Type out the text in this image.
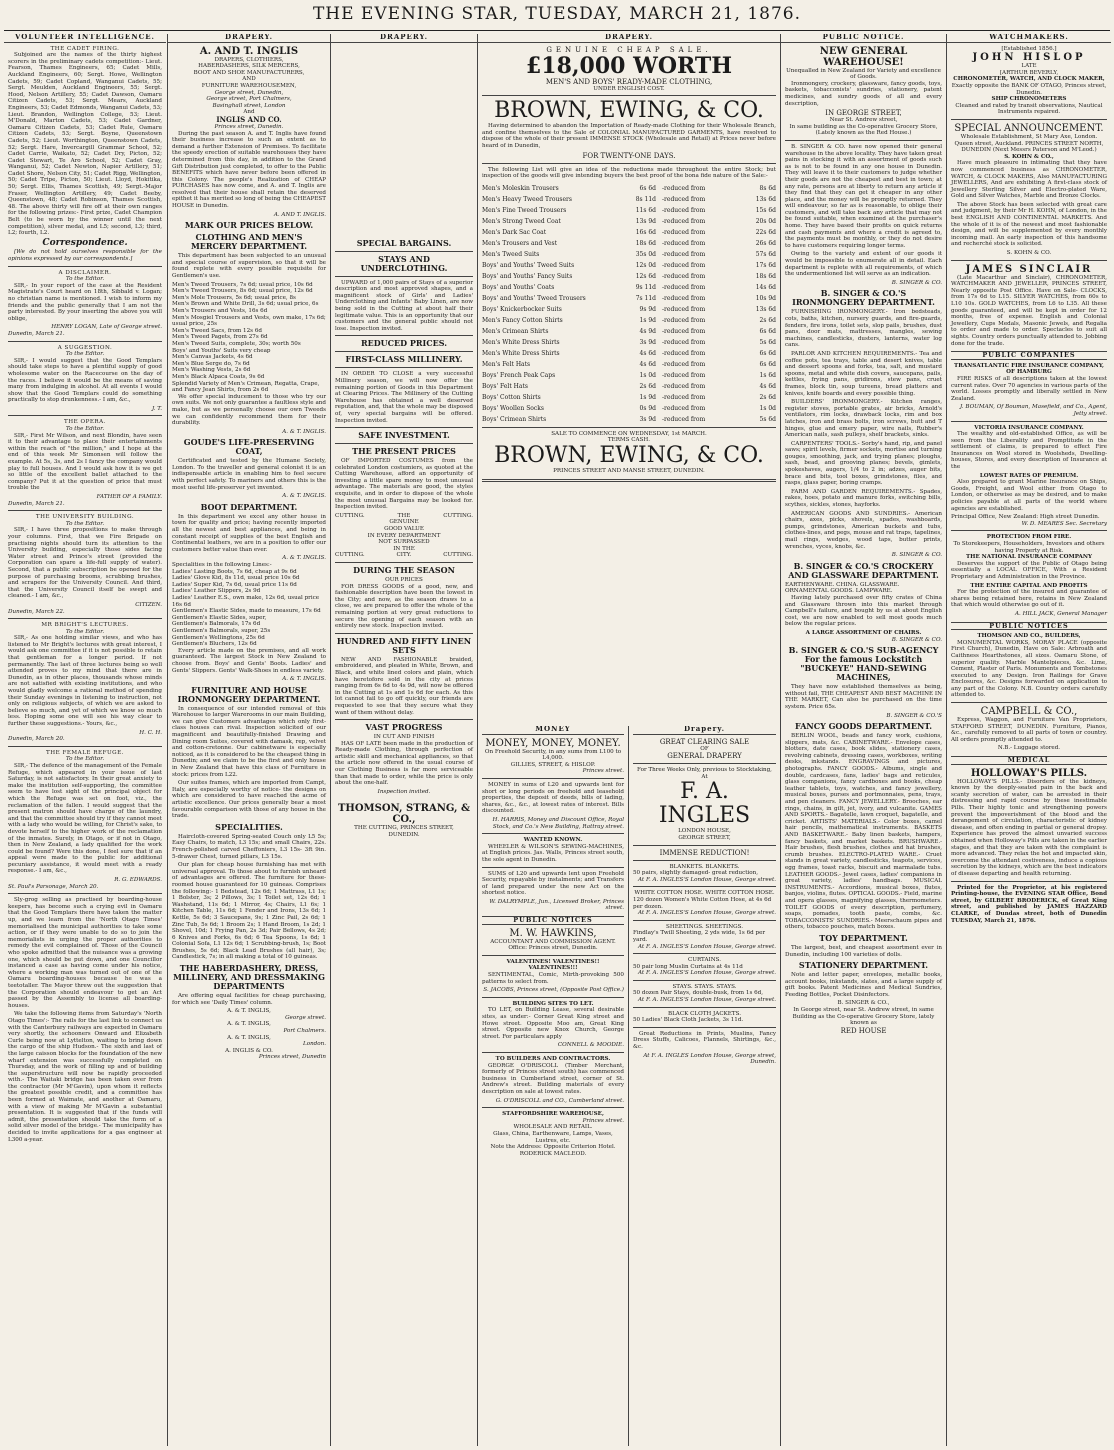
THE EVENING STAR, TUESDAY, MARCH 21, 1876.
VOLUNTEER INTELLIGENCE.
THE CADET FIRING.

Subjoined are the names of the thirty highest scorers in the preliminary cadets competition:- Lieut. Fearson, Thames Engineers, 65; Cadet Mills, Auckland Engineers, 60; Sergt. Howe, Wellington Cadets, 59; Cadet Copland, Wanganui Cadets, 55; Sergt. Meulden, Auckland Engineers, 55; Sergt. Hood, Nelson Artillery, 55; Cadet Dawson, Oamaru Citizen Cadets, 53; Sergt. Mears, Auckland Engineers, 53; Cadet Edmonds, Wanganui Cadets, 53; Lieut. Brandon, Wellington College, 53; Lieut. M'Donald, Marton Cadets, 53; Cadet Gardner, Oamaru Citizen Cadets, 53; Cadet Rule, Oamaru Citizen Cadets, 53; Sergt. Boyne, Queenstown Cadets, 52; Lieut. Worthington, Queenstown Cadets, 52; Sergt. Hare, Invercargill Grammar School, 52; Cadet Carrie, Waikato, 52; Cadet Dry, Picton, 52; Cadet Stewart, Te Aro School, 52; Cadet Gray, Wanganui, 52; Cadet Newton, Napier Artillery, 51; Cadet Shore, Nelson City, 51; Cadet Rigg, Wellington, 50; Cadet Tripe, Picton, 50; Lieut. Lloyd, Hokitika, 50; Sergt. Ellis, Thames Scottish, 49; Sergt.-Major Fraser, Wellington Artillery, 49; Cadet Beeby, Queenstown, 48; Cadet Robinson, Thames Scottish, 48. The above thirty will fire off at their own ranges for the following prizes:- First prize, Cadet Champion Belt (to be worn by the winner until the next competition), silver medal, and L5; second, L3; third, L2; fourth, L2.

Correspondence.

[We do not hold ourselves responsible for the opinions expressed by our correspondents.]

A DISCLAIMER.
To the Editor.

SIR,- In your report of the case at the Resident Magistrate's Court heard on 18th, Sibbald v. Logan; no christian name is mentioned. I wish to inform my friends and the public generally that I am not the party interested. By your inserting the above you will oblige,

HENRY LOGAN, Late of George street.
Dunedin, March 21.
A SUGGESTION.
To the Editor.

SIR,- I would suggest that the Good Templars should take steps to have a plentiful supply of good wholesome water on the Racecourse on the day of the races. I believe it would be the means of saving many from indulging in alcohol. At all events I would show that the Good Templars could do something practically to stop drunkenness.- I am, &c.,

J. T.
THE OPERA.
To the Editor.

SIR,- First Mr Wilson, and next Blondin, have seen it to their advantage to place their entertainments within the reach of "the million," and I hope at the end of this week Mr Simonsen will follow the example. At 5s, 3s, and 2s I fancy the company would play to full houses. And I would ask how it is we get so little of the excellent ballet attached to the company? Put it at the question of price that must trouble the

FATHER OF A FAMILY.
Dunedin, March 21.
THE UNIVERSITY BUILDING.
To the Editor.

SIR,- I have three propositions to make through your columns. First, that we Fire Brigade on practising nights should turn its attention to the University building, especially those sides facing Water street and Prince's street (provided the Corporation can spare a life-full supply of water). Second, that a public subscription be opened for the purpose of purchasing brooms, scrubbing brushes, and scrapers for the University Council. And third, that the University Council itself be swept and cleaned.- I am, &c.,

CITIZEN.
Dunedin, March 22.
MR BRIGHT'S LECTURES.
To the Editor.

SIR,- As one holding similar views, and who has listened to Mr Bright's lectures with great interest, I would ask one committee if it is not possible to retain that gentleman for a longer period. If not permanently. The last of three lectures being so well attended proves to my mind that there are in Dunedin, as in other places, thousands whose minds are not satisfied with existing institutions, and who would gladly welcome a rational method of spending their Sunday evenings in listening to instruction, not only on religious subjects, of which we are asked to believe so much, and yet of which we know so much less. Hoping some one will see his way clear to further these suggestions.- Yours, &c.,

H. C. H.
Dunedin, March 20.
THE FEMALE REFUGE.
To the Editor.

SIR,- The defence of the management of the Female Refuge, which appeared in your issue of last Saturday, is not satisfactory. In their great anxiety to make the institution self-supporting, the committee seem to have lost sight of the principal object for which the Refuge was set on foot, viz., the reclamation of the fallen. I would suggest that the present matron should have charge of the laundry, and that the committee should try if they cannot meet with a lady who would be willing, for Christ's sake, to devote herself to the higher work of the reclamation of the inmates. Surely, in Otago, or if not in Otago, then in New Zealand, a lady qualified for the work could be found? Were this done, I feel sure that if an appeal were made to the public for additional pecuniary assistance, it would meet with a ready response.- I am, &c.,

R. G. EDWARDS.
St. Paul's Parsonage, March 20.

Sly-grog selling as practised by boarding-house keepers, has become such a crying evil in Oamaru that the Good Templars there have taken the matter up, and we learn from the 'North Otago Times' memorialised the municipal authorities to take some action, or if they were unable to do so to join the memorialists in urging the proper authorities to remedy the evil complained of. Those of the Council who spoke admitted that the nuisance was a growing one, which should be put down, and one Councillor instanced a case as having come under his notice, where a working man was turned out of one of the Oamaru boarding-houses because he was a teetotaller. The Mayor threw out the suggestion that the Corporation should endeavour to get an Act passed by the Assembly to license all boarding-houses.

We take the following items from Saturday's 'North Otago Times':- The rails for the last link to connect us with the Canterbury railways are expected in Oamaru very shortly, the schooners Onward and Elizabeth Curle being now at Lyttelton, waiting to bring down the cargo of the ship Hudson.- The sixth and last of the large caisson blocks for the foundation of the new wharf extension was successfully completed on Thursday, and the work of filling up and of building the superstructure will now be rapidly proceeded with.- The Waitaki bridge has been taken over from the contractor (Mr M'Gavin), upon whom it reflects the greatest possible credit, and a committee has been formed at Waimate, and another at Oamaru, with a view of making Mr M'Gavin a substantial presentation. It is suggested that if the funds will admit, the presentation should take the form of a solid silver model of the bridge.- The municipality has decided to invite applications for a gas engineer at L300 a-year.

DRAPERY.
A. AND T. INGLIS
DRAPERS, CLOTHIERS,
HABERDASHERS, SILK MERCERS,
BOOT AND SHOE MANUFACTURERS,
AND
FURNITURE WAREHOUSEMEN,
George street, Dunedin,
George street, Port Chalmers,
Basinghall street, London
And
INGLIS AND CO.
Princes street, Dunedin.

During the past season A. and T. Inglis have found their business increase to such an extent as to demand a further Extension of Premises. To facilitate the speedy erection of suitable warehouses they have determined from this day, in addition to the Grand Gift Distribution just completed, to offer to the Public BENEFITS which have never before been offered in this Colony. The people's Realization of CHEAP PURCHASES has now come, and A. and T. Inglis are resolved that their house shall retain the deserved epithet it has merited so long of being the CHEAPEST HOUSE in Dunedin.

A. AND T. INGLIS.
MARK OUR PRICES BELOW.
CLOTHING AND MEN'S MERCERY DEPARTMENT.

This department has been subjected to an unusual and special course of supervision, so that it will be found replete with every possible requisite for Gentlemen's use.

Men's Tweed Trousers, 7s 6d; usual price, 10s 6d
Men's Tweed Trousers, 8s 6d; usual price, 12s 6d
Men's Mole Trousers, 5s 6d; usual price, 8s
Men's Brown and White Drill, 3s 6d; usual price, 6s
Men's Trousers and Vests, 16s 6d
Men's Mosgiel Trousers and Vests, own make, 17s 6d; usual price, 25s
Men's Tweed Sacs, from 12s 6d
Men's Tweed Pagets, from 27s 6d
Men's Tweed Suits, complete, 30s; worth 50s
Boys' and Youths' Suits very cheap
Men's Canvas Jackets, 4s 6d
Men's Blue Serge do, 7s 6d
Men's Washing Vests, 2s 6d
Men's Black Alpaca Coats, 9s 6d
Splendid Variety of Men's Crimean, Regatta, Crape, and Fancy Jean Shirts, from 2s 6d

We offer special inducement to those who try our own suits. We not only guarantee a faultless style and make, but as we personally choose our own Tweeds we can confidently recommend them for their durability.

A. & T. INGLIS.
GOUDE'S LIFE-PRESERVING COAT,

Certificated and tested by the Humane Society, London. To the traveller and general colonist it is an indispensable article in enabling him to feel secure with perfect safety. To mariners and others this is the most useful life-preserver yet invented.

A. & T. INGLIS.
BOOT DEPARTMENT.

In this department we excel any other house in town for quality and price; having recently imported all the newest and best appliances, and being in constant receipt of supplies of the best English and Continental leathers, we are in a position to offer our customers better value than ever.

A. & T. INGLIS.
Specialities in the following Lines:-
Ladies' Lasting Boots, 7s 6d, cheap at 9s 6d
Ladies' Glove Kid, 8s 11d, usual price 10s 6d
Ladies' Super Kid, 7s 6d, usual price 11s 6d
Ladies' Leather Slippers, 2s 9d
Ladies' Leather E.S., own make, 12s 6d, usual price 16s 6d
Gentlemen's Elastic Sides, made to measure, 17s 6d
Gentlemen's Elastic Sides, super,
Gentlemen's Balmorals, 17s 6d
Gentlemen's Balmorals, super, 25s
Gentlemen's Wellingtons, 25s 6d
Gentlemen's Bluchers, 12s 6d

Every article made on the premises, and all work guaranteed. The largest Stock in New Zealand to choose from. Boys' and Gents' Boots. Ladies' and Gents' Slippers. Gents' Walk-Shoes in endless variety.

A. & T. INGLIS.
FURNITURE AND HOUSE IRONMONGERY DEPARTMENT.

In consequence of our intended removal of this Warehouse to larger Warerooms in our main Building, we can give Customers advantages which only first-class houses can rival. Inspection solicited of our magnificent and beautifully-finished Drawing and Dining room Suites, covered with damask, rep, velvet and cotton-cretonne. Our cabinetware is especially noticed, as it is considered to be the cheapest thing in Dunedin; and we claim to be the first and only house in New Zealand that have this class of Furniture in stock: prices from L22.

Our suites frames, which are imported from Campt, Italy, are especially worthy of notice- the designs on which are considered to have reached the acme of artistic excellence. Our prices generally bear a most favourable comparison with those of any house in the trade.

SPECIALITIES.

Haircloth-covered Spring-seated Couch only L5 5s; Easy Chairs, to match, L3 15s; and small Chairs, 22s. French-polished carved Cheffoniers, L3 15s- 3ft 9in. 5-drawer Chest, turned pillars, L3 15s.

Our plan for cheap house furnishing has met with universal approval. To those about to furnish unheard of advantages are offered. The furniture for these-roomed house guaranteed for 10 guineas. Comprises the following:- 1 Bedstead, 12s 6d; 1 Mattrass, L1 1s; 1 Bolster, 3s; 2 Pillows, 3s; 1 Toilet set, 12s 6d; 1 Washstand, 11s 6d; 1 Mirror, 4s; Chairs, L1 6s; 1 Kitchen Table, 11s 6d; 1 Fender and Irons, 13s 6d; 1 Kettle, 5s 6d; 3 Saucepans, 9s; 1 Zinc Pail, 2s 6d; 1 Zinc Tub, 5s 6d; 1 Broom 2s; 1 Hand Broom, 1s 2d; 1 Shovel, 10d; 1 Frying Pan, 2s 3d; Pair Bellows, 4s 2d; 6 Knives and Forks, 6s 6d; 6 Tea Spoons, 1s 6d; 1 Colonial Sofa, L1 12s 6d; 1 Scrubbing-brush, 1s; Boot Brushes, 5s 6d; Black Lead Brushes (all hair), 3s; Candlestick, 7s; in all making a total of 10 guineas.

THE HABERDASHERY, DRESS, MILLINERY, AND DRESSMAKING DEPARTMENTS

Are offering equal facilities for cheap purchasing, for which see 'Daily Times' column.

A. & T. INGLIS,
George street.
A. & T. INGLIS,
Port Chalmers.
A. & T. INGLIS,
London.
A. INGLIS & CO.
Princes street, Dunedin
DRAPERY.
SPECIAL BARGAINS.
STAYS AND UNDERCLOTHING.

UPWARD of 1,000 pairs of Stays of a superior description and most approved shapes, and a magnificent stock of Girls' and Ladies' Underclothing and Infants' Baby Linen, are now being sold in the Cutting at about half their legitimate value. This is an opportunity that our customers and the general public should not lose. Inspection invited.

REDUCED PRICES.
FIRST-CLASS MILLINERY.

IN ORDER TO CLOSE a very successful Millinery season, we will now offer the remaining portion of Goods in this Department at Clearing Prices. The Millinery of the Cutting Warehouse has obtained a well deserved reputation, and, that the whole may be disposed of, very special bargains will be offered. Inspection invited.

SAFE INVESTMENT.
THE PRESENT PRICES

OF IMPORTED COSTUMES from the celebrated London costumiers, as quoted at the Cutting Warehouse, afford an opportunity of investing a little spare money to most unusual advantage. The materials are good, the styles exquisite, and in order to dispose of the whole the most unusual Bargains may be looked for. Inspection invited.

CUTTING.	THE	CUTTING.
GENUINE
GOOD VALUE
IN EVERY DEPARTMENT
NOT SURPASSED
IN THE
CUTTING.	CITY.	CUTTING.
DURING THE SEASON
OUR PRICES

FOR DRESS GOODS of a good, new, and fashionable description have been the lowest in the City; and now, as the season draws to a close, we are prepared to offer the whole of the remaining portion at very great reductions to secure the opening of each season with an entirely new stock. Inspection invited.

HUNDRED AND FIFTY LINEN SETS

NEW AND FASHIONABLE braided, embroidered, and pleated in White, Brown, and Black, and white lined colors and plain, which have heretofore sold in the city at prices ranging from 6s 6d to 4s 9d, will now be offered in the Cutting at 1s and 1s 6d for each. As this lot cannot fail to go off quickly, our friends are requested to see that they secure what they want of them without delay.

VAST PROGRESS
IN CUT AND FINISH

HAS OF LATE been made in the production of Ready-made Clothing, through perfection of artistic skill and mechanical appliances, so that the article now offered in the usual course of our Clothing Business is far more serviceable than that made to order, while the price is only about the one-half.

Inspection invited.
THOMSON, STRANG, & CO.,
THE CUTTING, PRINCES STREET,
DUNEDIN.
DRAPERY.
GENUINE CHEAP SALE.
£18,000 WORTH
MEN'S AND BOYS' READY-MADE CLOTHING,
UNDER ENGLISH COST.
BROWN, EWING, & CO.

Having determined to abandon the Importation of Ready-made Clothing for their Wholesale Branch, and confine themselves to the Sale of COLONIAL MANUFACTURED GARMENTS, have resolved to dispose of the whole of their present IMMENSE STOCK (Wholesale and Retail) at Prices never before heard of in Dunedin,

FOR TWENTY-ONE DAYS.

The following List will give an idea of the reductions made throughout the entire Stock; but inspection of the goods will give intending buyers the best proof of the bona fide nature of the Sale:-

Men's Moleskin Trousers	6s 6d	-reduced from	8s 6d
Men's Heavy Tweed Trousers	8s 11d	-reduced from	13s 6d
Men's Fine Tweed Trousers	11s 6d	-reduced from	15s 6d
Men's Strong Tweed Coat	13s 9d	-reduced from	20s 0d
Men's Dark Sac Coat	16s 6d	-reduced from	22s 6d
Men's Trousers and Vest	18s 6d	-reduced from	26s 6d
Men's Tweed Suits	35s 0d	-reduced from	57s 6d
Boys' and Youths' Tweed Suits	12s 0d	-reduced from	17s 6d
Boys' and Youths' Fancy Suits	12s 6d	-reduced from	18s 6d
Boys' and Youths' Coats	9s 11d	-reduced from	14s 6d
Boys' and Youths' Tweed Trousers	7s 11d	-reduced from	10s 9d
Boys' Knickerbocker Suits	9s 9d	-reduced from	13s 6d
Men's Fancy Cotton Shirts	1s 9d	-reduced from	2s 6d
Men's Crimean Shirts	4s 9d	-reduced from	6s 6d
Men's White Dress Shirts	3s 9d	-reduced from	5s 6d
Men's White Dress Shirts	4s 6d	-reduced from	6s 6d
Men's Felt Hats	4s 6d	-reduced from	6s 6d
Boys' French Peak Caps	1s 0d	-reduced from	1s 6d
Boys' Felt Hats	2s 6d	-reduced from	4s 6d
Boys' Cotton Shirts	1s 9d	-reduced from	2s 6d
Boys' Woollen Socks	0s 9d	-reduced from	1s 0d
Boys' Crimean Shirts	3s 9d	-reduced from	5s 6d
SALE TO COMMENCE ON WEDNESDAY, 1st MARCH.
TERMS CASH.
BROWN, EWING, & CO.
PRINCES STREET AND MANSE STREET, DUNEDIN.
MONEY
MONEY, MONEY, MONEY.
On Freehold Security, in any sums from L100 to L4,000.
GILLIES, STREET, & HISLOP.
Princes street.

MONEY in sums of L20 and upwards lent for short or long periods on freehold and leasehold properties, the deposit of deeds, bills of lading, shares, &c., &c., at lowest rates of interest. Bills discounted.

H. HARRIS, Money and Discount Office, Royal Stock, and Co.'s New Building, Rattray street.
WANTED KNOWN.

WHEELER & WILSON'S SEWING-MACHINES, at English prices. Jas. Walls, Princes street south, the sole agent in Dunedin.

SUMS of L20 and upwards lent upon Freehold Security, repayable by instalments; and Transfers of land prepared under the new Act on the shortest notice.

W. DALRYMPLE, Jun., Licensed Broker, Princes street.
PUBLIC NOTICES
M. W. HAWKINS,
ACCOUNTANT AND COMMISSION AGENT.
Office: Princes street, Dunedin.
VALENTINES! VALENTINES!! VALENTINES!!!

SENTIMENTAL, Comic, Mirth-provoking 500 patterns to select from.

S. JACOBS, Princes street, (Opposite Post Office.)
BUILDING SITES TO LET.

TO LET, on Building Lease, several desirable sites, as under:- Corner Great King street and Howe street. Opposite Moo am, Great King street. Opposite new Knox Church, George street. For particulars apply

CONNELL & MOODIE.
TO BUILDERS AND CONTRACTORS.

GEORGE O'DRISCOLL (Timber Merchant, formerly of Princes street south) has commenced business in Cumberland street, corner of St. Andrew's street. Building materials of every description on sale at lowest rates.

G. O'DRISCOLL and CO., Cumberland street.
STAFFORDSHIRE WAREHOUSE,
Princes street.
WHOLESALE AND RETAIL.
Glass, China, Earthenware, Lamps, Vases, Lustres, etc.
Note the Address: Opposite Criterion Hotel. RODERICK MACLEOD.
Drapery.
GREAT CLEARING SALE
OF
GENERAL DRAPERY
For Three Weeks Only, previous to Stocktaking,
At
F. A. INGLES
LONDON HOUSE,
GEORGE STREET,
IMMENSE REDUCTION!
BLANKETS. BLANKETS.
50 pairs, slightly damaged- great reduction,
At F. A. INGLES'S London House, George street.
WHITE COTTON HOSE. WHITE COTTON HOSE.
120 dozen Women's White Cotton Hose, at 4s 6d per dozen.
At F. A. INGLES'S London House, George street.
SHEETINGS. SHEETINGS.
Findlay's Twill Sheeting, 2 yds wide, 1s 6d per yard.
At F. A. INGLES'S London House, George street.
CURTAINS.
50 pair long Muslin Curtains at 4s 11d
At F. A. INGLES'S London House, George street.
STAYS. STAYS. STAYS.
50 dozen Pair Stays, double-busk, from 1s 6d,
At F. A. INGLES'S London House, George street.
BLACK CLOTH JACKETS.
50 Ladies' Black Cloth Jackets, 3s 11d.

Great Reductions in Prints, Muslins, Fancy Dress Stuffs, Calicoes, Flannels, Shirtings, &c., &c.

At F. A. INGLES London House, George street, Dunedin.
PUBLIC NOTICE.
NEW GENERAL WAREHOUSE!
Unequalled in New Zealand for Variety and excellence of Goods.

Ironmongery, crockery, glassware, fancy goods, toys, baskets, tobacconists' sundries, stationery, patent medicines, and sundry goods of all and every description,

IN GEORGE STREET,
Near St. Andrew street,
In same building as the Co-operative Grocery Store,
(Lately known as the Red House.)

B. SINGER & CO. have now opened their general warehouse in the above locality. They have taken great pains in stocking it with an assortment of goods such as is not to be found in any one house in Dunedin. They will leave it to their customers to judge whether their goods are not the cheapest and best in town; at any rate, persons are at liberty to return any article if they find that they can get it cheaper in any other place, and the money will be promptly returned. They will endeavour, so far as is reasonable, to oblige their customers, and will take back any article that may not be found suitable, when examined at the purchaser's home. They have based their profits on quick returns and cash payments and where a credit is agreed to, the payments must be monthly, or they do not desire to have customers requiring longer terms.

Owing to the variety and extent of our goods it would be impossible to enumerate all in detail. Each department is replete with all requirements, of which the undermentioned list will serve as an indication.

B. SINGER & CO.
B. SINGER & CO.'S IRONMONGERY DEPARTMENT.

FURNISHING IRONMONGERY.- Iron bedsteads, cots, baths, kitchen, nursery guards, and fire-guards, fenders, fire irons, toilet sets, slop pails, brushes, dust pans, door mats, mattresses, mangles, sewing machines, candlesticks, dusters, lanterns, water log cans.

PARLOR AND KITCHEN REQUIREMENTS.- Tea and coffee pots, tea trays, table and desert knives, table and dessert spoons and forks, tea, salt, and mustard spoons, metal and white dish covers, saucepans, pails, kettles, frying pans, gridirons, stew pans, cruet frames, block tin, soup tureens, bread platters and knives, knife boards and every possible thing.

BUILDERS' IRONMONGERY.- Kitchen ranges, register stoves, portable grates, air bricks, Arnold's ventilators, rim locks, drawback locks, rim and box latches, iron and brass bolts, iron screws, butt and T hinges, glue and emery paper, wire nails, Rubber's American nails, sash pulleys, shelf brackets, sinks.

CARPENTERS' TOOLS.- Sorby's hand, rip, and panel saws; spirit levels, firmer sockets, mortise and turning gouges, smoothing, jack, and trying planes; ploughs, sash, bead, and grooving planes; bevels, gimlets, spokeshaves, augers, 1/4 to 2 in; adzes, auger bits, brace and bits, tool boxes, grindstones, files, and rasps, glass paper, boring cramps.

FARM AND GARDEN REQUIREMENTS.- Spades, rakes, hoes, potato and manure forks, switching bills, scythes, sickles, stones, hayforks.

AMERICAN GOODS AND SUNDRIES.- American chairs, axes, picks, shovels, spades, washboards, pumps, grindstones, American buckets and tubs, clothes-lines, and pegs, mouse and rat traps, tapelines, mail rings, wedges, wood taps, butter prints, wrenches, vyces, knobs, &c.

B. SINGER & CO.
B. SINGER & CO.'S CROCKERY AND GLASSWARE DEPARTMENT.
EARTHENWARE. CHINA. GLASSWARE. ORNAMENTAL GOODS. LAMPWARE.

Having lately purchased over fifty crates of China and Glassware thrown into this market through Campbell's failure, and bought by us at about English cost, we are now enabled to sell most goods much below the regular prices.

A LARGE ASSORTMENT OF CHAIRS.
B. SINGER & CO.
B. SINGER & CO.'S SUB-AGENCY For the famous Lockstitch "BUCKEYE" HAND-SEWING MACHINES,

They have now established themselves as being, without fail, THE CHEAPEST AND BEST MACHINE IN THE MARKET, Can also be purchased on the time system. Price 65s.

B. SINGER & CO.'S
FANCY GOODS DEPARTMENT.

BERLIN WOOL, beads and fancy work, cushions, slippers, mats, &c. CABINETWARE.- Envelope cases, blotters, date cases, book slides, stationery cases, revolving cabinets, dressing cases, workboxes, writing desks, inkstands. ENGRAVINGS and pictures, photographs. FANCY GOODS.- Albums, single and double, cardcases, fans, ladies' bags and reticules, glass companions, fancy cardboxes and books, cheap leather tablets, toys, watches, and fancy jewellery, musical boxes, purses and portmonnaies, pens, trays, and pen cleaners. FANCY JEWELLERY.- Brooches, ear rings, chains, in gilt, jet, ivory, and vulcanite. GAMES AND SPORTS.- Bagatelle, lawn croquet, bagatelle, and cricket. ARTISTS' MATERIALS.- Color boxes, camel hair pencils, mathematical instruments. BASKETS AND BASKETWARE.- Baby linen baskets, hampers, fancy baskets, and market baskets. BRUSHWARE.- Hair brushes, flesh brushes, clothes and hat brushes, crumb brushes. ELECTRO-PLATED WARE.- Cruet stands in great variety, candlesticks, teapots, services, egg frames, toast racks, biscuit and marmalade tubs. LEATHER GOODS.- Jewel cases, ladies' companions in great variety, ladies' handbags. MUSICAL INSTRUMENTS.- Accordions, musical boxes, flutes, banjos, violins, flutes. OPTICAL GOODS.- Field, marine and opera glasses, magnifying glasses, thermometers. TOILET GOODS of every description, perfumery, soaps, pomades, tooth paste, combs, &c. TOBACCONISTS' SUNDRIES.- Meerschaum pipes and others, tobacco pouches, match boxes.

TOY DEPARTMENT.

The largest, best, and cheapest assortment ever in Dunedin, including 100 varieties of dolls.

STATIONERY DEPARTMENT.

Note and letter paper, envelopes, metallic books, account books, inkstands, slates, and a large supply of gift books. Patent Medicines and Medical Sundries, Feeding Bottles, Pocket Disinfectors.

B. SINGER & CO.,
In George street, near St. Andrew street, in same Building as the Co-operative Grocery Store, lately known as
RED HOUSE
WATCHMAKERS.
[Established 1856.]
JOHN HISLOP
LATE
[ARTHUR BEVERLY,
CHRONOMETER, WATCH, AND CLOCK MAKER,
Exactly opposite the BANK OF OTAGO, Princes street, Dunedin.
SHIP CHRONOMETERS
Cleaned and rated by transit observations, Nautical Instruments repaired.
SPECIAL ANNOUNCEMENT.
Wholesale Establishment, St Mary Axe, London. Queen street, Auckland. PRINCES STREET NORTH, DUNEDIN (Next Messrs Paterson and M'Leod.)
S. KOHN & CO.,

Have much pleasure in intimating that they have now commenced business as CHRONOMETER, WATCH, & CLOCK MAKERS, Also MANUFACTURING JEWELLERS, And are exhibiting A first-class stock of Jewellery Sterling Silver and Electro-plated Ware, Gold and Silver Watches, Marble and Bronze Clocks.

The above Stock has been selected with great care and judgment, by their Mr H. KOHN, of London, in the best ENGLISH AND CONTINENTAL MARKETS. And the whole of it is of the newest and most fashionable design, and will be supplemented by every monthly incoming mail. An early inspection of this handsome and recherché stock is solicited.

S. KOHN & CO.
JAMES SINCLAIR

(Late Macarthur and Sinclair), CHRONOMETER, WATCHMAKER AND JEWELLER, PRINCES STREET, Nearly opposite Post Office. Have on Sale- CLOCKS, from 17s 6d to L15. SILVER WATCHES, from 60s to L10 10s. GOLD WATCHES, from L6 to L35. All these goods guaranteed, and will be kept in order for 12 months, free of expense. English and Colonial Jewellery, Cups Medals, Masonic Jewels, and Regalia to order and made to order. Spectacles to suit all sights. Country orders punctually attended to. Jobbing done for the trade.

PUBLIC COMPANIES
TRANSATLANTIC FIRE INSURANCE COMPANY, OF HAMBURG

FIRE RISKS of all descriptions taken at the lowest current rates. Over 70 agencies in various parts of the world. Losses promptly and liberally settled in New Zealand.

J. BOUMAN, Of Bouman, Masefield, and Co., Agent, Jetty street.
VICTORIA INSURANCE COMPANY.

The wealthy and old-established Office, as will be seen from the Liberality and Promptitude in the settlement of claims, is prepared to effect Fire Insurances on Wool stored in Woolsheds, Dwelling-houses, Stores, and every description of Insurance at the

LOWEST RATES OF PREMIUM.

Also prepared to grant Marine Insurance on Ships, Goods, Freight, and Wool either from Otago to London, or otherwise as may be desired, and to make policies payable at all parts of the world where agencies are established.

Principal Office, New Zealand: High street Dunedin.
W. D. MEARES Sec. Secretary
PROTECTION FROM FIRE.
To Storekeepers, Householders, Investors and others having Property at Risk.
THE NATIONAL INSURANCE COMPANY

Deserves the support of the Public of Otago being essentially a LOCAL OFFICE, With a Resident Proprietary and Administration in the Province.

THE ENTIRE CAPITAL AND PROFITS

For the protection of the insured and guarantee of shares being retained here, retains in New Zealand that which would otherwise go out of it.

A. HILL JACK, General Manager
PUBLIC NOTICES
THOMSON AND CO., BUILDERS,

MONUMENTAL WORKS, MORAY PLACE (opposite First Church), Dunedin, Have on Sale: Arbroath and Caithness Hearthstones, all sizes. Oamaru Stone, of superior quality. Marble Mantelpieces, &c. Lime, Cement, Plaster of Paris. Monuments and Tombstones executed to any Design. Iron Railings for Grave Enclosures, &c. Designs forwarded on application to any part of the Colony. N.B. Country orders carefully attended to.

CAMPBELL & CO.,

Express, Waggon, and Furniture Van Proprietors, STAFFORD STREET, DUNEDIN. Furniture, Pianos, &c., carefully removed to all parts of town or country. All orders promptly attended to.

N.B.- Luggage stored.
MEDICAL
HOLLOWAY'S PILLS.

HOLLOWAY'S PILLS.- Disorders of the kidneys, known by the deeply-seated pain in the back and scanty secretion of water, can be arrested in their distressing and rapid course by these inestimable Pills. Their highly tonic and strengthening powers prevent the impoverishment of the blood and the derangement of circulation, characteristic of kidney disease, and often ending in partial or general dropsy. Experience has proved the almost unvaried success obtained when Holloway's Pills are taken in the earlier stages, and that they are taken with the complaint is more advanced. They relax the hot and impacted skin, overcome the attendant costiveness, induce a copious secretion by the kidneys, which are the best indicators of disease departing and health returning.

Printed for the Proprietor, at his registered Printing-house, the EVENING STAR Office, Bond street, by GILBERT BRODERICK, of Great King street, and published by JAMES HAZZARD CLARKE, of Dundas street, both of Dunedin TUESDAY, March 21, 1876.
